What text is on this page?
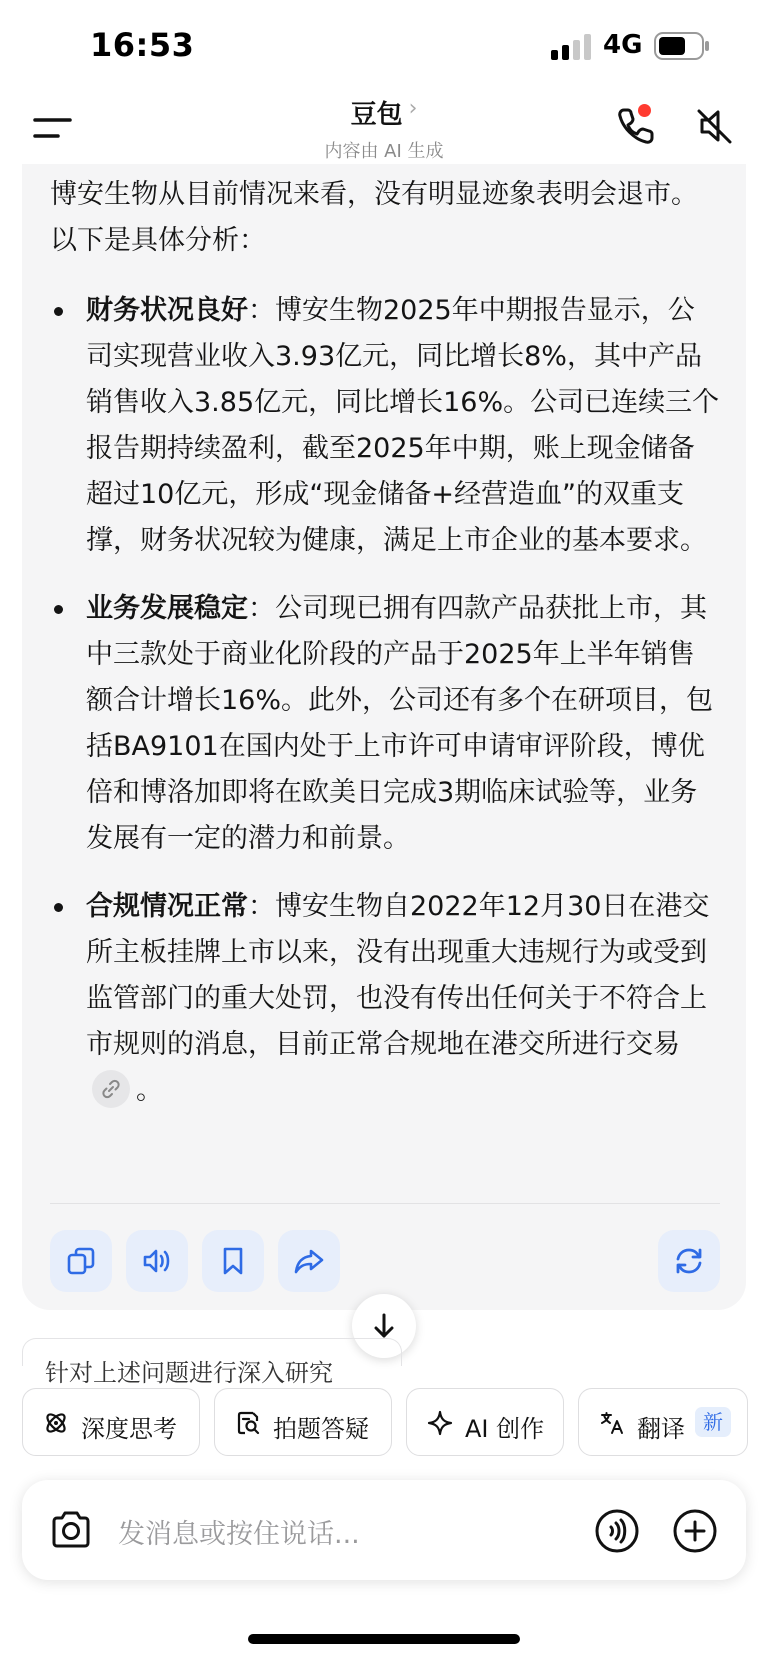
16:53	4G
豆包 ›
内容由 AI 生成

博安生物从目前情况来看，没有明显迹象表明会退市。以下是具体分析：

财务状况良好：博安生物2025年中期报告显示，公司实现营业收入3.93亿元，同比增长8%，其中产品销售收入3.85亿元，同比增长16%。公司已连续三个报告期持续盈利，截至2025年中期，账上现金储备超过10亿元，形成“现金储备+经营造血”的双重支撑，财务状况较为健康，满足上市企业的基本要求。
业务发展稳定：公司现已拥有四款产品获批上市，其中三款处于商业化阶段的产品于2025年上半年销售额合计增长16%。此外，公司还有多个在研项目，包括BA9101在国内处于上市许可申请审评阶段，博优倍和博洛加即将在欧美日完成3期临床试验等，业务发展有一定的潜力和前景。
合规情况正常：博安生物自2022年12月30日在港交所主板挂牌上市以来，没有出现重大违规行为或受到监管部门的重大处罚，也没有传出任何关于不符合上市规则的消息，目前正常合规地在港交所进行交易
。
针对上述问题进行深入研究
深度思考	拍题答疑	AI 创作	翻译 新
发消息或按住说话...
